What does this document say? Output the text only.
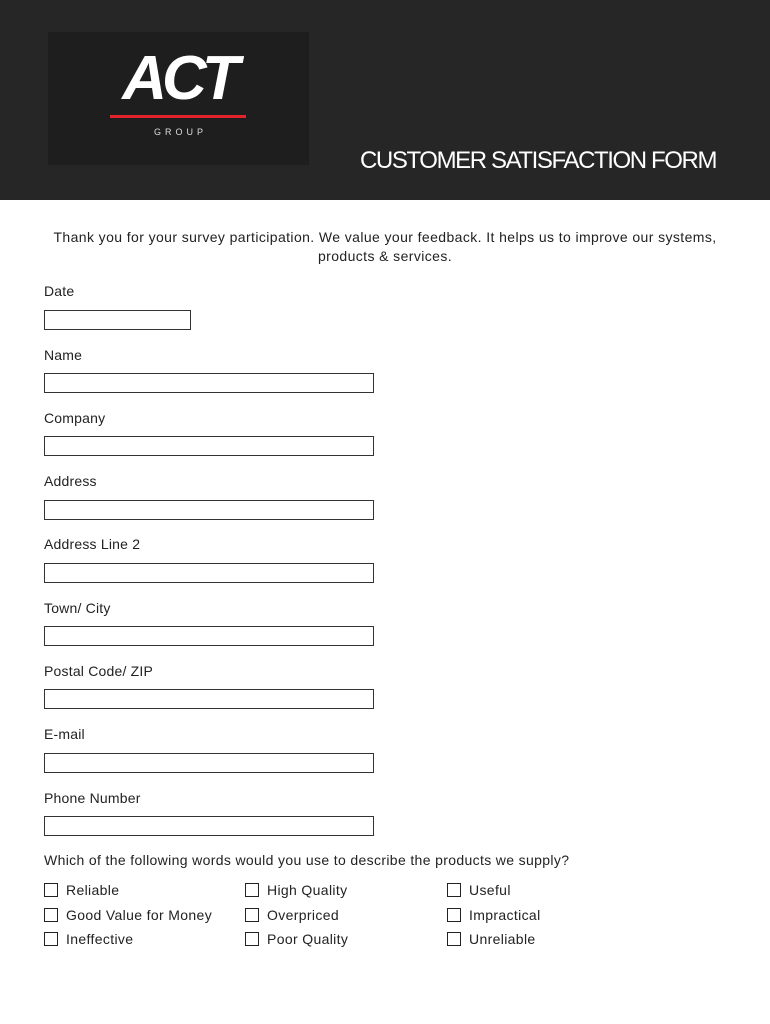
ACT
GROUP
CUSTOMER SATISFACTION FORM
Thank you for your survey participation. We value your feedback. It helps us to improve our systems, products & services.
Date
Name
Company
Address
Address Line 2
Town/ City
Postal Code/ ZIP
E-mail
Phone Number
Which of the following words would you use to describe the products we supply?
Reliable	High Quality	Useful
Good Value for Money	Overpriced	Impractical
Ineffective	Poor Quality	Unreliable
